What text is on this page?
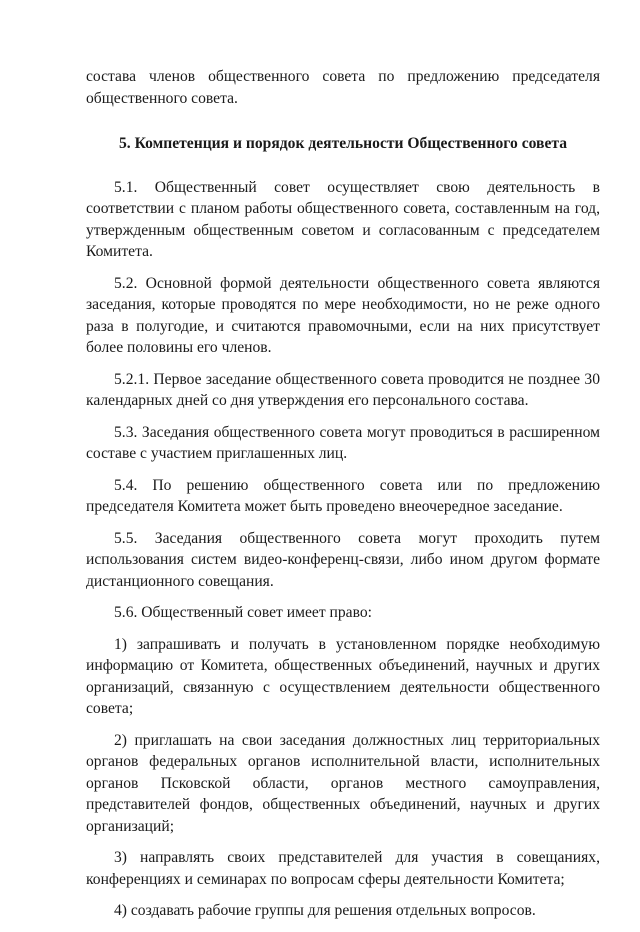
состава членов общественного совета по предложению председателя общественного совета.

5. Компетенция и порядок деятельности Общественного совета

5.1. Общественный совет осуществляет свою деятельность в соответствии с планом работы общественного совета, составленным на год, утвержденным общественным советом и согласованным с председателем Комитета.

5.2. Основной формой деятельности общественного совета являются заседания, которые проводятся по мере необходимости, но не реже одного раза в полугодие, и считаются правомочными, если на них присутствует более половины его членов.

5.2.1. Первое заседание общественного совета проводится не позднее 30 календарных дней со дня утверждения его персонального состава.

5.3. Заседания общественного совета могут проводиться в расширенном составе с участием приглашенных лиц.

5.4. По решению общественного совета или по предложению председателя Комитета может быть проведено внеочередное заседание.

5.5. Заседания общественного совета могут проходить путем использования систем видео-конференц-связи, либо ином другом формате дистанционного совещания.

5.6. Общественный совет имеет право:

1) запрашивать и получать в установленном порядке необходимую информацию от Комитета, общественных объединений, научных и других организаций, связанную с осуществлением деятельности общественного совета;

2) приглашать на свои заседания должностных лиц территориальных органов федеральных органов исполнительной власти, исполнительных органов Псковской области, органов местного самоуправления, представителей фондов, общественных объединений, научных и других организаций;

3) направлять своих представителей для участия в совещаниях, конференциях и семинарах по вопросам сферы деятельности Комитета;

4) создавать рабочие группы для решения отдельных вопросов.
